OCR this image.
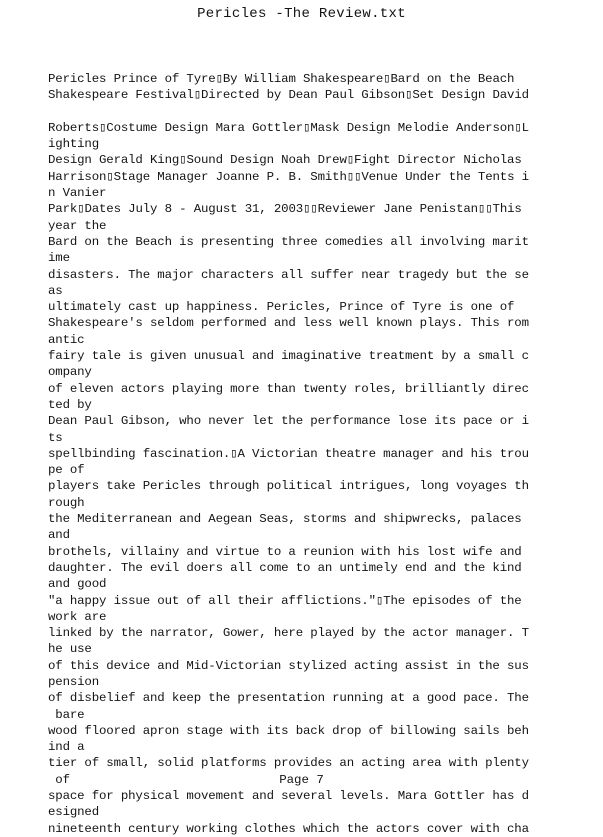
Pericles -The Review.txt
Pericles Prince of Tyre▯By William Shakespeare▯Bard on the Beach
Shakespeare Festival▯Directed by Dean Paul Gibson▯Set Design David
Roberts▯Costume Design Mara Gottler▯Mask Design Melodie Anderson▯L
ighting
Design Gerald King▯Sound Design Noah Drew▯Fight Director Nicholas
Harrison▯Stage Manager Joanne P. B. Smith▯▯Venue Under the Tents i
n Vanier
Park▯Dates July 8 - August 31, 2003▯▯Reviewer Jane Penistan▯▯This
year the
Bard on the Beach is presenting three comedies all involving marit
ime
disasters. The major characters all suffer near tragedy but the se
as
ultimately cast up happiness. Pericles, Prince of Tyre is one of
Shakespeare's seldom performed and less well known plays. This rom
antic
fairy tale is given unusual and imaginative treatment by a small c
ompany
of eleven actors playing more than twenty roles, brilliantly direc
ted by
Dean Paul Gibson, who never let the performance lose its pace or i
ts
spellbinding fascination.▯A Victorian theatre manager and his trou
pe of
players take Pericles through political intrigues, long voyages th
rough
the Mediterranean and Aegean Seas, storms and shipwrecks, palaces
and
brothels, villainy and virtue to a reunion with his lost wife and
daughter. The evil doers all come to an untimely end and the kind
and good
"a happy issue out of all their afflictions."▯The episodes of the
work are
linked by the narrator, Gower, here played by the actor manager. T
he use
of this device and Mid-Victorian stylized acting assist in the sus
pension
of disbelief and keep the presentation running at a good pace. The
bare
wood floored apron stage with its back drop of billowing sails beh
ind a
tier of small, solid platforms provides an acting area with plenty
of
space for physical movement and several levels. Mara Gottler has d
esigned
nineteenth century working clothes which the actors cover with cha
Page 7
